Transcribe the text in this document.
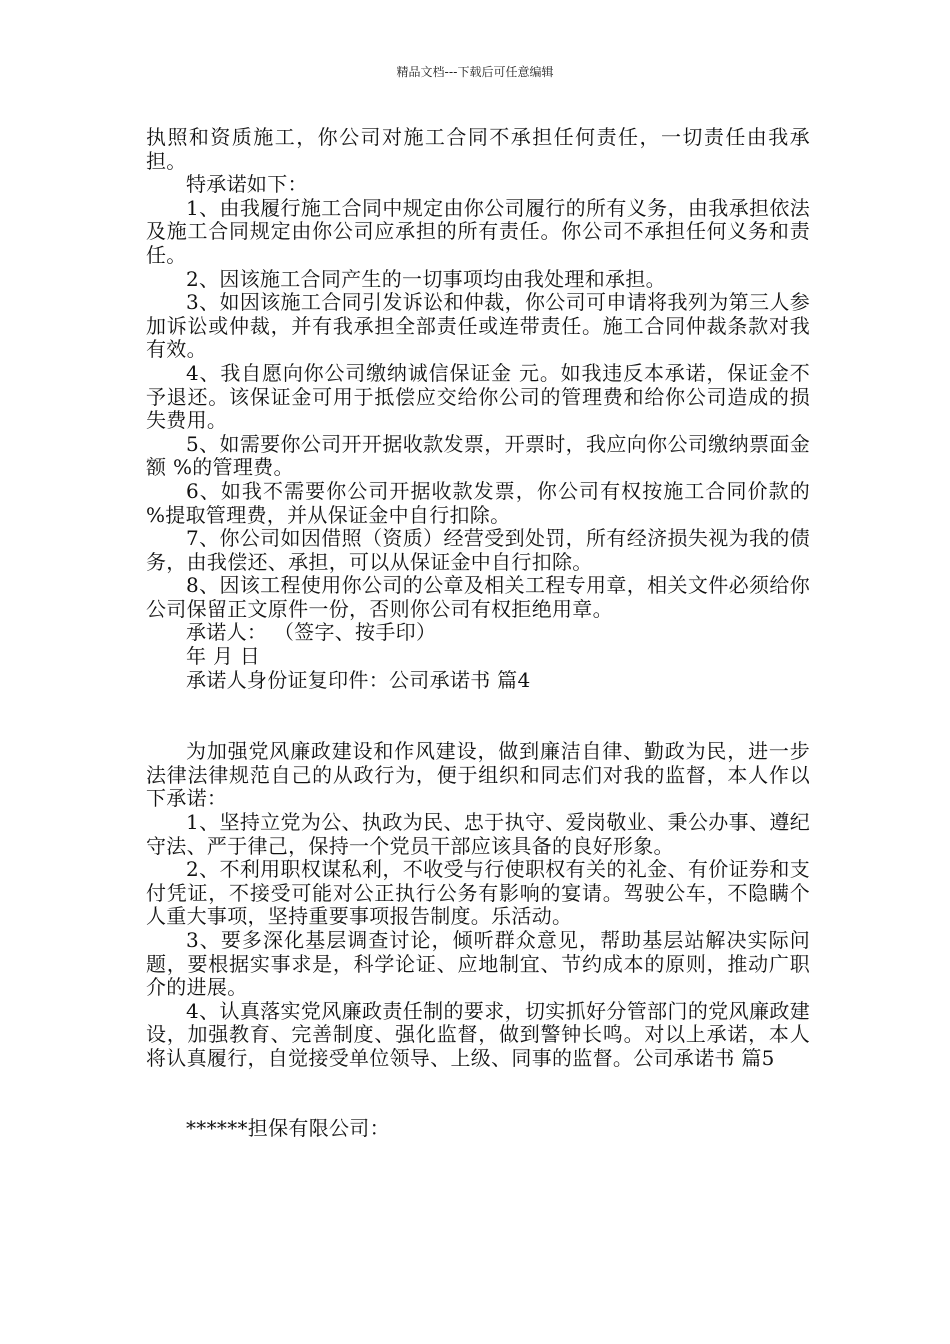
精品文档---下载后可任意编辑

执照和资质施工，你公司对施工合同不承担任何责任，一切责任由我承担。

特承诺如下：

1、由我履行施工合同中规定由你公司履行的所有义务，由我承担依法及施工合同规定由你公司应承担的所有责任。你公司不承担任何义务和责任。

2、因该施工合同产生的一切事项均由我处理和承担。

3、如因该施工合同引发诉讼和仲裁，你公司可申请将我列为第三人参加诉讼或仲裁，并有我承担全部责任或连带责任。施工合同仲裁条款对我有效。

4、我自愿向你公司缴纳诚信保证金 元。如我违反本承诺，保证金不予退还。该保证金可用于抵偿应交给你公司的管理费和给你公司造成的损失费用。

5、如需要你公司开开据收款发票，开票时，我应向你公司缴纳票面金额 %的管理费。

6、如我不需要你公司开据收款发票，你公司有权按施工合同价款的 %提取管理费，并从保证金中自行扣除。

7、你公司如因借照（资质）经营受到处罚，所有经济损失视为我的债务，由我偿还、承担，可以从保证金中自行扣除。

8、因该工程使用你公司的公章及相关工程专用章，相关文件必须给你公司保留正文原件一份，否则你公司有权拒绝用章。

承诺人： （签字、按手印）

年 月 日

承诺人身份证复印件：公司承诺书 篇4

为加强党风廉政建设和作风建设，做到廉洁自律、勤政为民，进一步法律法律规范自己的从政行为，便于组织和同志们对我的监督，本人作以下承诺：

1、坚持立党为公、执政为民、忠于执守、爱岗敬业、秉公办事、遵纪守法、严于律己，保持一个党员干部应该具备的良好形象。

2、不利用职权谋私利，不收受与行使职权有关的礼金、有价证券和支付凭证，不接受可能对公正执行公务有影响的宴请。驾驶公车，不隐瞒个人重大事项，坚持重要事项报告制度。乐活动。

3、要多深化基层调查讨论，倾听群众意见，帮助基层站解决实际问题，要根据实事求是，科学论证、应地制宜、节约成本的原则，推动广职介的进展。

4、认真落实党风廉政责任制的要求，切实抓好分管部门的党风廉政建设，加强教育、完善制度、强化监督，做到警钟长鸣。对以上承诺，本人将认真履行，自觉接受单位领导、上级、同事的监督。公司承诺书 篇5

******担保有限公司：
